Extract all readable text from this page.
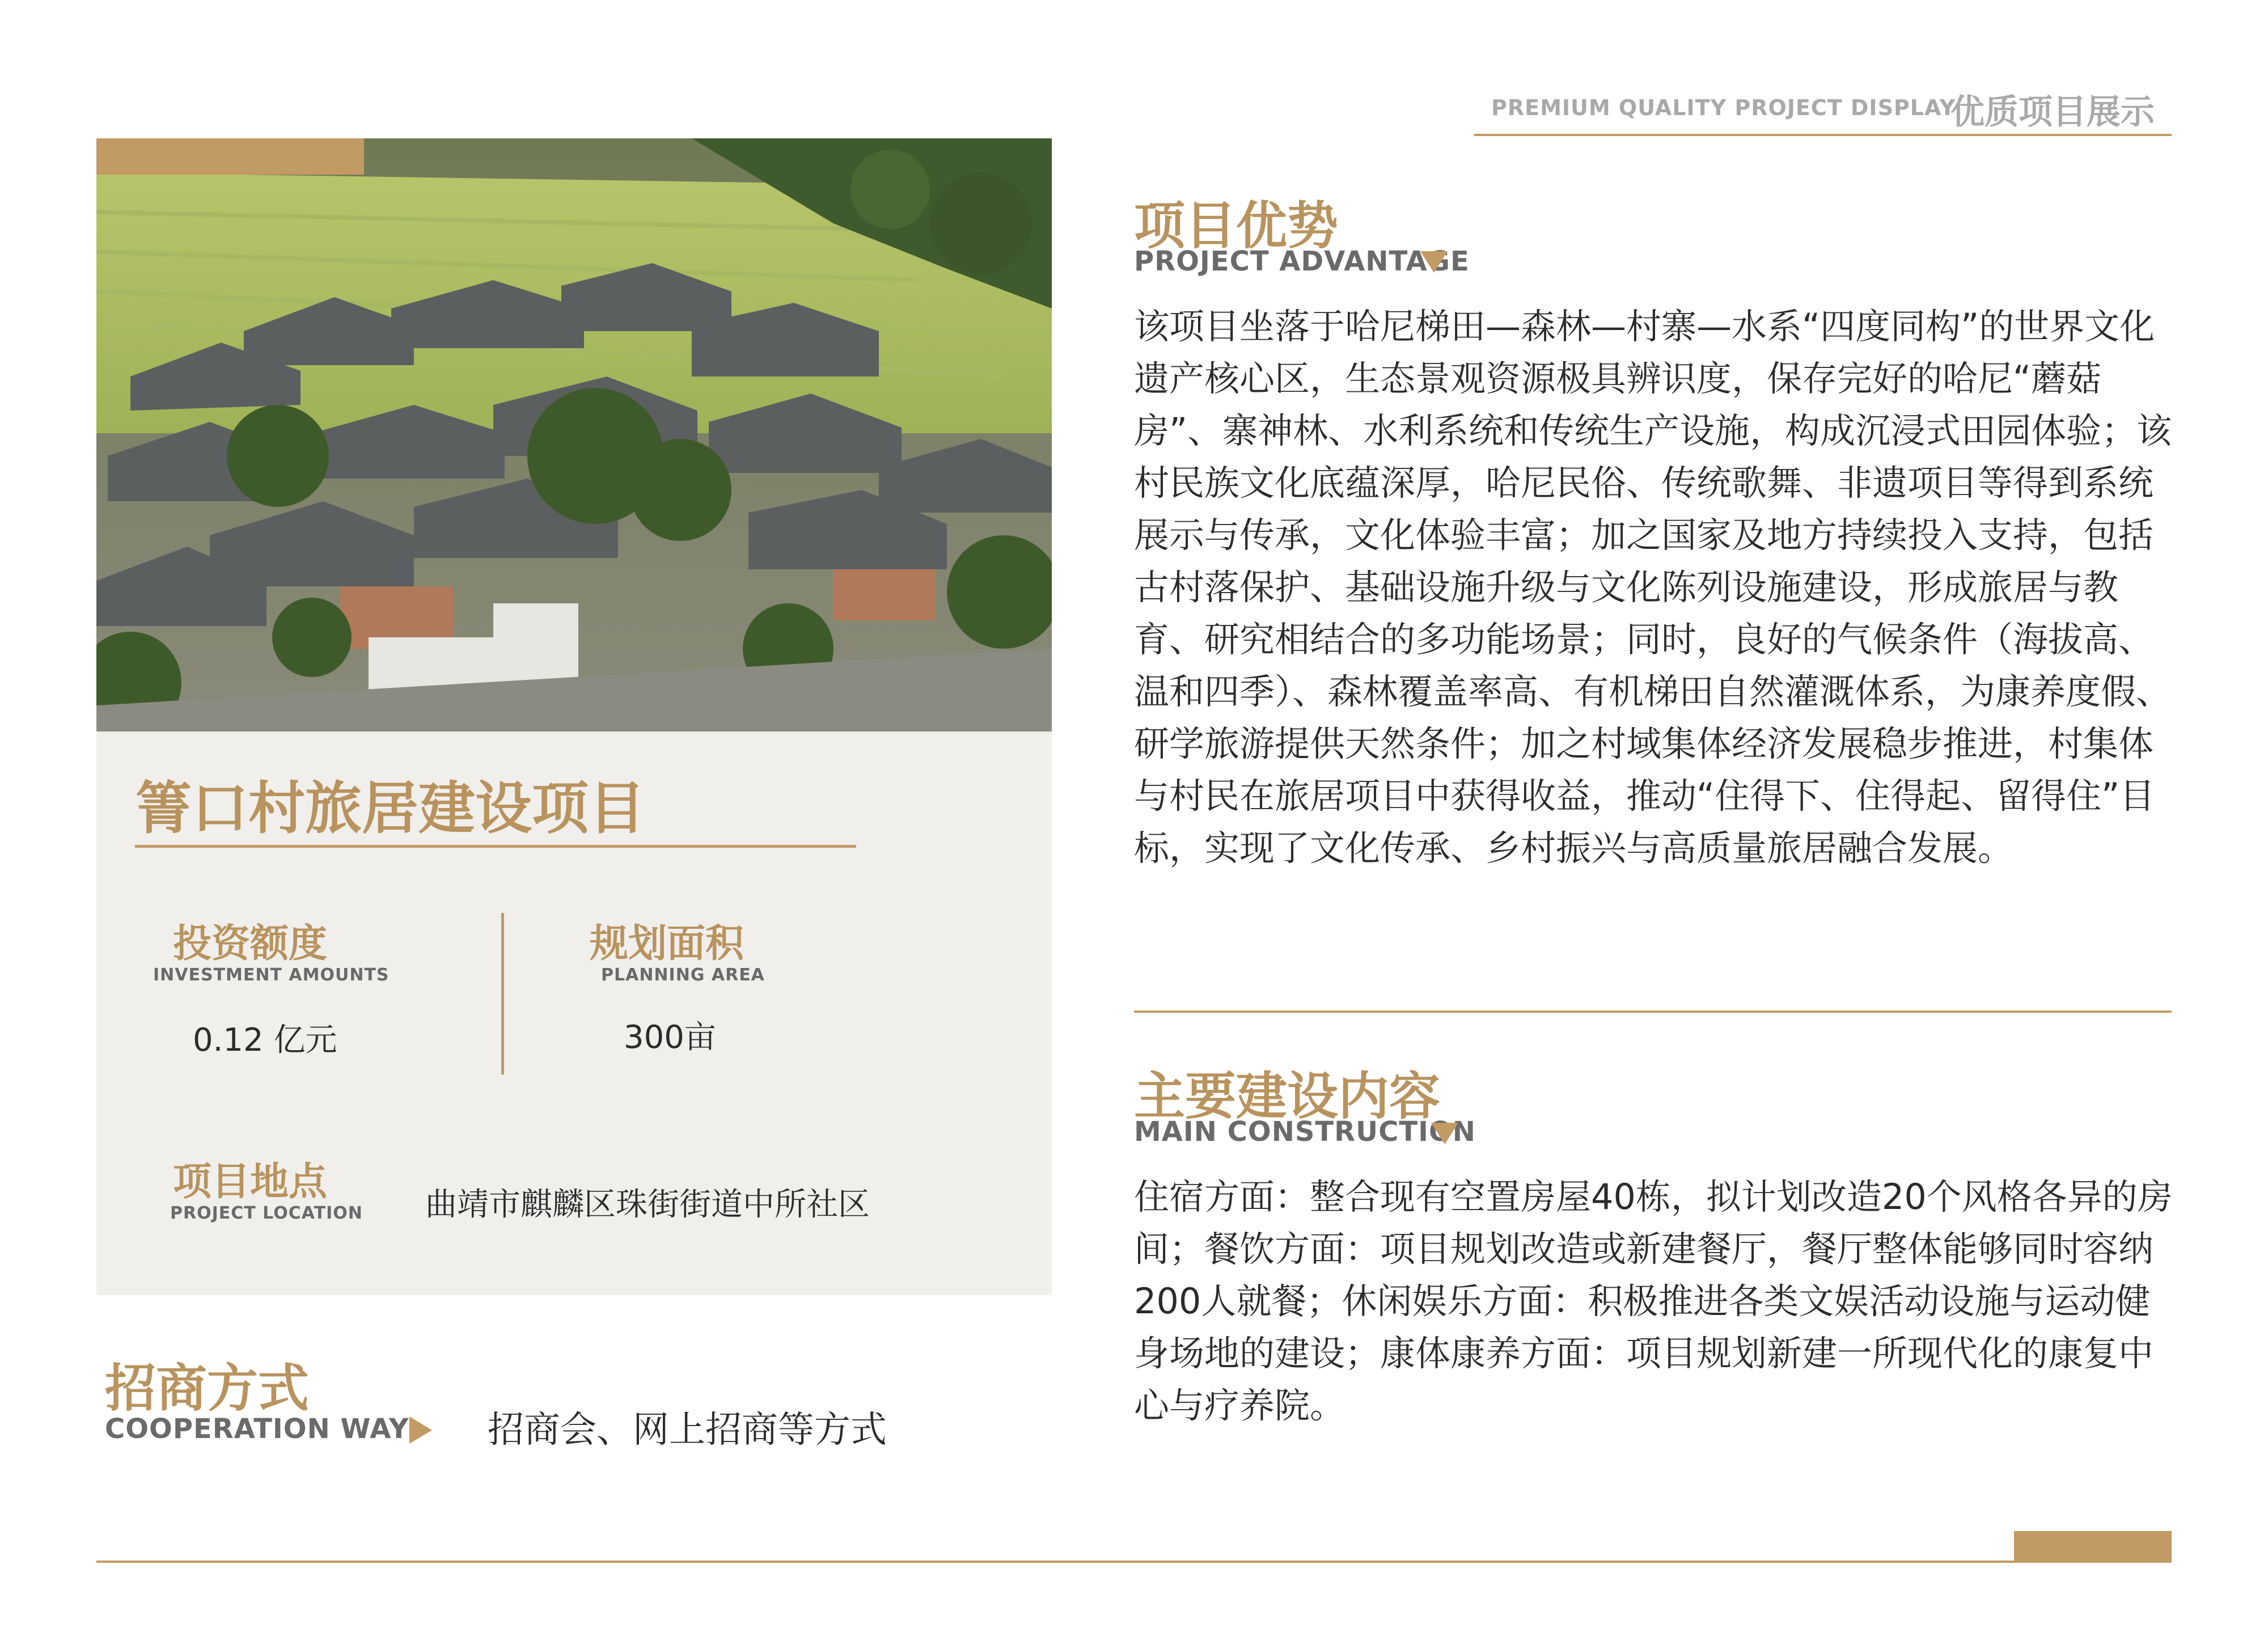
PREMIUM QUALITY PROJECT DISPLAY
优质项目展示
箐口村旅居建设项目
投资额度
INVESTMENT AMOUNTS
0.12 亿元
规划面积
PLANNING AREA
300亩
项目地点
PROJECT LOCATION 曲靖市麒麟区珠街街道中所社区
招商方式
COOPERATION WAY 招商会、网上招商等方式
项目优势
PROJECT ADVANTAGE
该项目坐落于哈尼梯田—森林—村寨—水系“四度同构”的世界文化遗产核心区，生态景观资源极具辨识度，保存完好的哈尼“蘑菇房”、寨神林、水利系统和传统生产设施，构成沉浸式田园体验；该村民族文化底蕴深厚，哈尼民俗、传统歌舞、非遗项目等得到系统展示与传承，文化体验丰富；加之国家及地方持续投入支持，包括古村落保护、基础设施升级与文化陈列设施建设，形成旅居与教育、研究相结合的多功能场景；同时，良好的气候条件（海拔高、温和四季）、森林覆盖率高、有机梯田自然灌溉体系，为康养度假、研学旅游提供天然条件；加之村域集体经济发展稳步推进，村集体与村民在旅居项目中获得收益，推动“住得下、住得起、留得住”目标，实现了文化传承、乡村振兴与高质量旅居融合发展。
主要建设内容
MAIN CONSTRUCTION
住宿方面：整合现有空置房屋40栋，拟计划改造20个风格各异的房间；餐饮方面：项目规划改造或新建餐厅，餐厅整体能够同时容纳200人就餐；休闲娱乐方面：积极推进各类文娱活动设施与运动健身场地的建设；康体康养方面：项目规划新建一所现代化的康复中心与疗养院。
